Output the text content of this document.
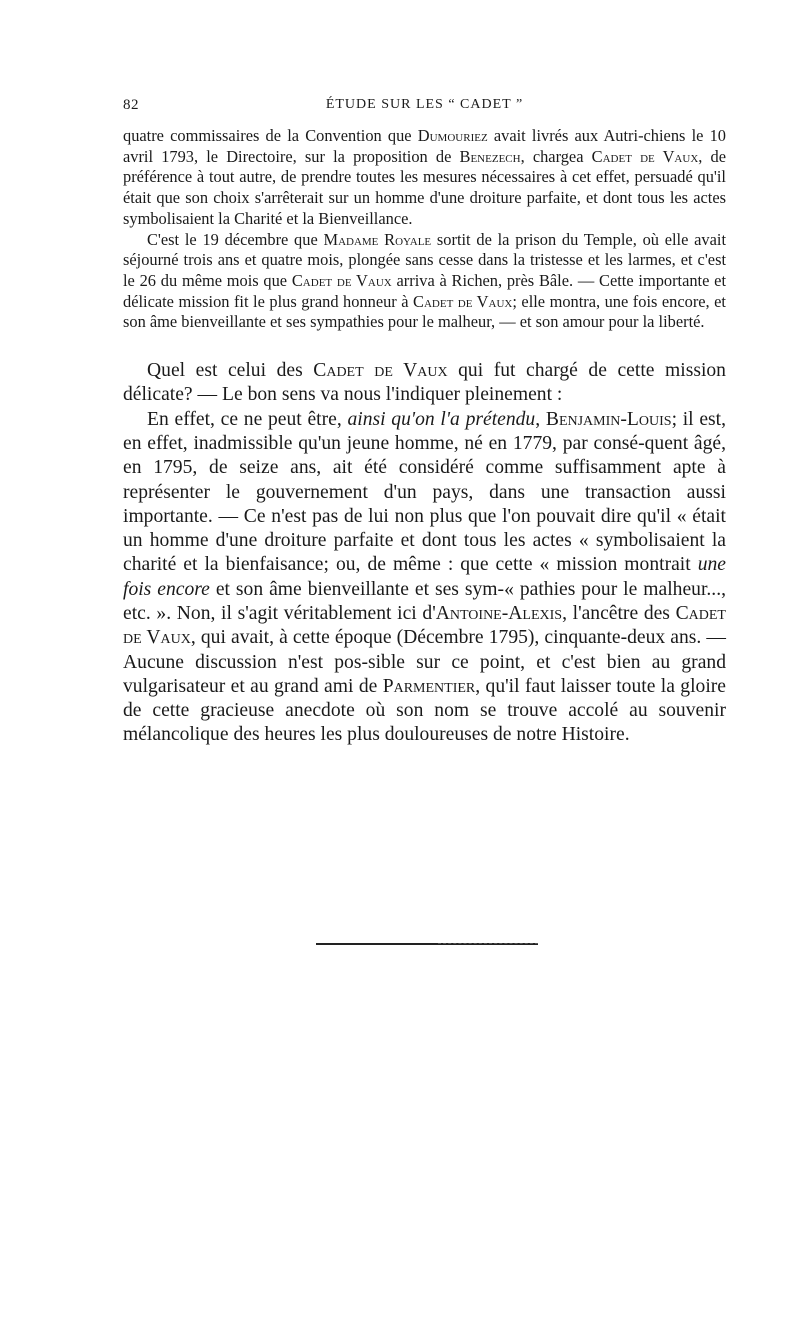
82	ÉTUDE SUR LES “ CADET ”

quatre commissaires de la Convention que Dumouriez avait livrés aux Autri-chiens le 10 avril 1793, le Directoire, sur la proposition de Benezech, chargea Cadet de Vaux, de préférence à tout autre, de prendre toutes les mesures nécessaires à cet effet, persuadé qu'il était que son choix s'arrêterait sur un homme d'une droiture parfaite, et dont tous les actes symbolisaient la Charité et la Bienveillance.

C'est le 19 décembre que Madame Royale sortit de la prison du Temple, où elle avait séjourné trois ans et quatre mois, plongée sans cesse dans la tristesse et les larmes, et c'est le 26 du même mois que Cadet de Vaux arriva à Richen, près Bâle. — Cette importante et délicate mission fit le plus grand honneur à Cadet de Vaux; elle montra, une fois encore, et son âme bienveillante et ses sympathies pour le malheur, — et son amour pour la liberté.

Quel est celui des Cadet de Vaux qui fut chargé de cette mission délicate? — Le bon sens va nous l'indiquer pleinement :

En effet, ce ne peut être, ainsi qu'on l'a prétendu, Benjamin-Louis; il est, en effet, inadmissible qu'un jeune homme, né en 1779, par consé-quent âgé, en 1795, de seize ans, ait été considéré comme suffisamment apte à représenter le gouvernement d'un pays, dans une transaction aussi importante. — Ce n'est pas de lui non plus que l'on pouvait dire qu'il « était un homme d'une droiture parfaite et dont tous les actes « symbolisaient la charité et la bienfaisance; ou, de même : que cette « mission montrait une fois encore et son âme bienveillante et ses sym-« pathies pour le malheur..., etc. ». Non, il s'agit véritablement ici d'Antoine-Alexis, l'ancêtre des Cadet de Vaux, qui avait, à cette époque (Décembre 1795), cinquante-deux ans. — Aucune discussion n'est pos-sible sur ce point, et c'est bien au grand vulgarisateur et au grand ami de Parmentier, qu'il faut laisser toute la gloire de cette gracieuse anecdote où son nom se trouve accolé au souvenir mélancolique des heures les plus douloureuses de notre Histoire.
